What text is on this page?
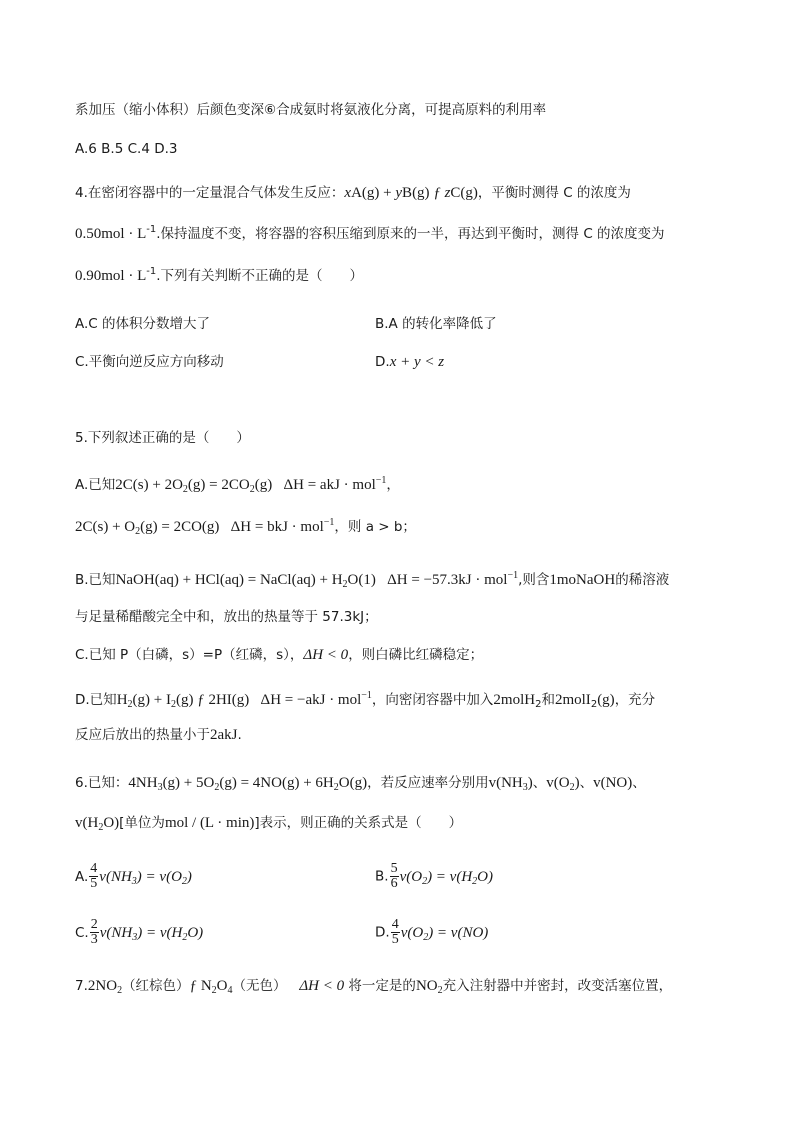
系加压（缩小体积）后颜色变深⑥合成氨时将氨液化分离，可提高原料的利用率
A.6 B.5 C.4 D.3
4.在密闭容器中的一定量混合气体发生反应：xA(g) + yB(g) ƒ zC(g)，平衡时测得 C 的浓度为
$0.50mol \cdot L^{-1}$.保持温度不变，将容器的容积压缩到原来的一半，再达到平衡时，测得 C 的浓度变为
$0.90mol \cdot L^{-1}$.下列有关判断不正确的是（　　）
A.C 的体积分数增大了	B.A 的转化率降低了
C.平衡向逆反应方向移动	D.x + y < z
5.下列叙述正确的是（　　）
A.已知$2C(s) + 2O_2(g) = 2CO_2(g) \Delta H$ = akJ · mol$^{-1}$，
$2C(s) + O_2(g) = 2CO(g) \Delta H$ = bkJ · mol$^{-1}$，则 a > b；
B.已知NaOH(aq) + HCl(aq) = NaCl(aq) + $H_2O(1) \Delta H = -57.3kJ \cdot mol^{-1}$,则含1moNaOH的稀溶液
与足量稀醋酸完全中和，放出的热量等于 57.3kJ；
C.已知 P（白磷，s）=P（红磷，s），ΔH < 0，则白磷比红磷稳定；
D.已知$H_2(g) + I_2(g)$ ƒ 2HI(g) ΔH = −akJ · mol$^{-1}$，向密闭容器中加入2molH$_2$和2molI$_2$(g)，充分
反应后放出的热量小于2akJ.
6.已知：$4NH_3(g) + 5O_2(g) = 4NO(g) + 6H_2O(g)$，若反应速率分别用$v(NH_3)$、$v(O_2)$、v(NO)、
$v(H_2O)$[单位为mol / (L · min)]表示，则正确的关系式是（　　）
A. $\frac{4}{5} v(NH_3) = v(O_2)$	B. $\frac{5}{6} v(O_2) = v(H_2O)$
C. $\frac{2}{3} v(NH_3) = v(H_2O)$	D. $\frac{4}{5} v(O_2) = v(NO)$
$7.2NO_2$（红棕色）ƒ $N_2O_4$（无色） ΔH < 0 将一定是的$NO_2$充入注射器中并密封，改变活塞位置，
